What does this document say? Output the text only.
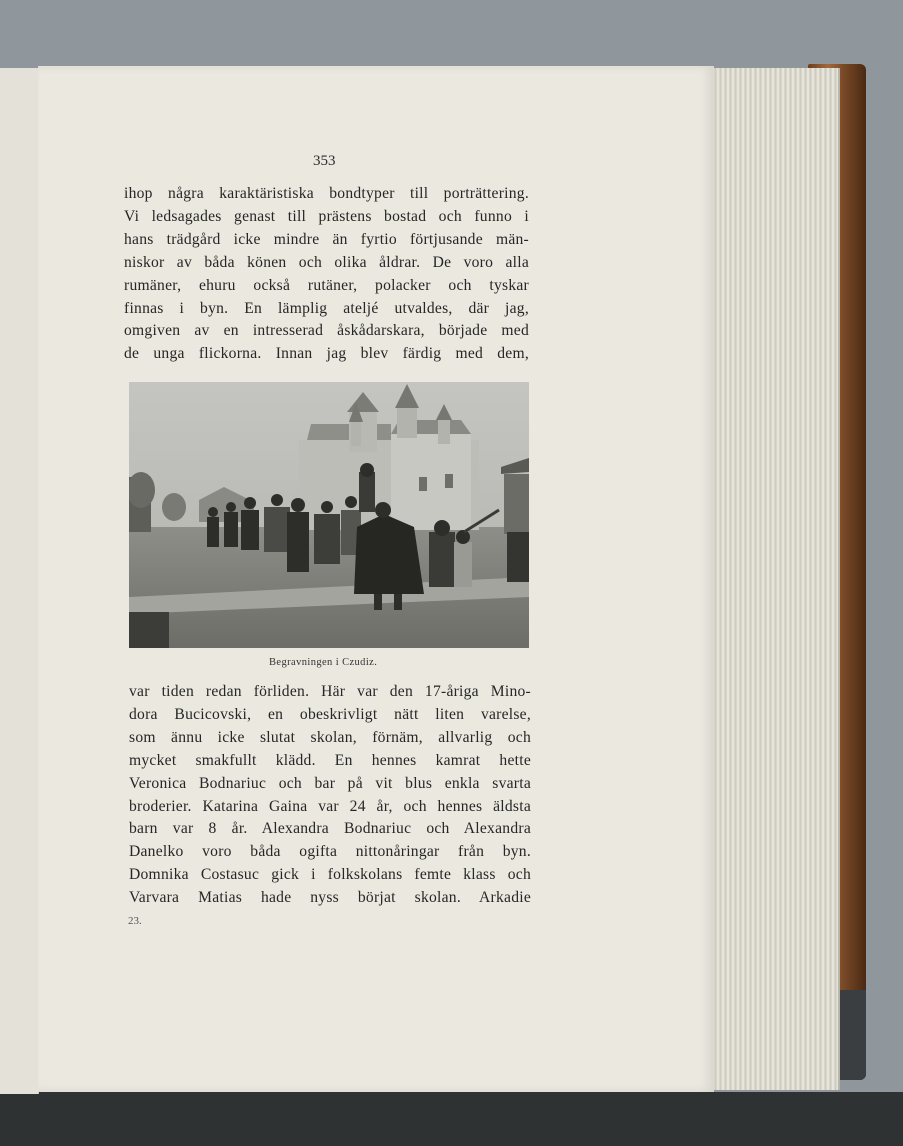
353
ihop några karaktäristiska bondtyper till porträttering.
Vi ledsagades genast till prästens bostad och funno i
hans trädgård icke mindre än fyrtio förtjusande män-
niskor av båda könen och olika åldrar. De voro alla
rumäner, ehuru också rutäner, polacker och tyskar
finnas i byn. En lämplig ateljé utvaldes, där jag,
omgiven av en intresserad åskådarskara, började med
de unga flickorna. Innan jag blev färdig med dem,
Begravningen i Czudiz.
var tiden redan förliden. Här var den 17-åriga Mino-
dora Bucicovski, en obeskrivligt nätt liten varelse,
som ännu icke slutat skolan, förnäm, allvarlig och
mycket smakfullt klädd. En hennes kamrat hette
Veronica Bodnariuc och bar på vit blus enkla svarta
broderier. Katarina Gaina var 24 år, och hennes äldsta
barn var 8 år. Alexandra Bodnariuc och Alexandra
Danelko voro båda ogifta nittonåringar från byn.
Domnika Costasuc gick i folkskolans femte klass och
Varvara Matias hade nyss börjat skolan. Arkadie
23.
